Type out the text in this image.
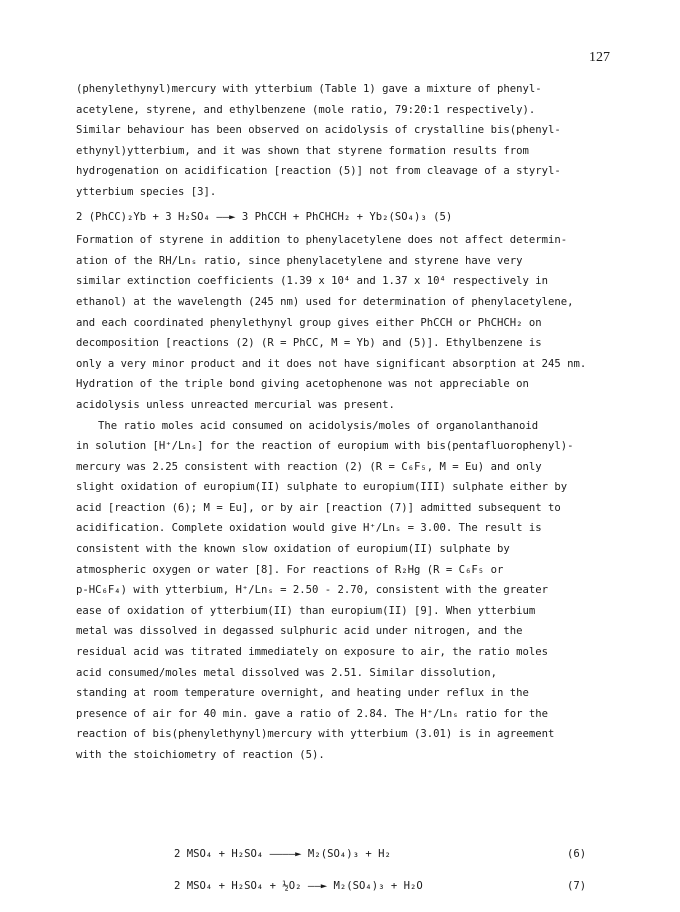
127
(phenylethynyl)mercury with ytterbium (Table 1) gave a mixture of phenyl-
acetylene, styrene, and ethylbenzene (mole ratio, 79:20:1 respectively).
Similar behaviour has been observed on acidolysis of crystalline bis(phenyl-
ethynyl)ytterbium, and it was shown that styrene formation results from
hydrogenation on acidification [reaction (5)] not from cleavage of a styryl-
ytterbium species [3].
2 (PhCC)₂Yb + 3 H₂SO₄ ——► 3 PhCCH + PhCHCH₂ + Yb₂(SO₄)₃ (5)
Formation of styrene in addition to phenylacetylene does not affect determin-
ation of the RH/Lnₛ ratio, since phenylacetylene and styrene have very
similar extinction coefficients (1.39 x 10⁴ and 1.37 x 10⁴ respectively in
ethanol) at the wavelength (245 nm) used for determination of phenylacetylene,
and each coordinated phenylethynyl group gives either PhCCH or PhCHCH₂ on
decomposition [reactions (2) (R = PhCC, M = Yb) and (5)]. Ethylbenzene is
only a very minor product and it does not have significant absorption at 245 nm.
Hydration of the triple bond giving acetophenone was not appreciable on
acidolysis unless unreacted mercurial was present.
The ratio moles acid consumed on acidolysis/moles of organolanthanoid
in solution [H⁺/Lnₛ] for the reaction of europium with bis(pentafluorophenyl)-
mercury was 2.25 consistent with reaction (2) (R = C₆F₅, M = Eu) and only
slight oxidation of europium(II) sulphate to europium(III) sulphate either by
acid [reaction (6); M = Eu], or by air [reaction (7)] admitted subsequent to
acidification. Complete oxidation would give H⁺/Lnₛ = 3.00. The result is
consistent with the known slow oxidation of europium(II) sulphate by
atmospheric oxygen or water [8]. For reactions of R₂Hg (R = C₆F₅ or
p-HC₆F₄) with ytterbium, H⁺/Lnₛ = 2.50 - 2.70, consistent with the greater
ease of oxidation of ytterbium(II) than europium(II) [9]. When ytterbium
metal was dissolved in degassed sulphuric acid under nitrogen, and the
residual acid was titrated immediately on exposure to air, the ratio moles
acid consumed/moles metal dissolved was 2.51. Similar dissolution,
standing at room temperature overnight, and heating under reflux in the
presence of air for 40 min. gave a ratio of 2.84. The H⁺/Lnₛ ratio for the
reaction of bis(phenylethynyl)mercury with ytterbium (3.01) is in agreement
with the stoichiometry of reaction (5).
2 MSO₄ + H₂SO₄ ————► M₂(SO₄)₃ + H₂	(6)
2 MSO₄ + H₂SO₄ + ½O₂ ——► M₂(SO₄)₃ + H₂O	(7)
